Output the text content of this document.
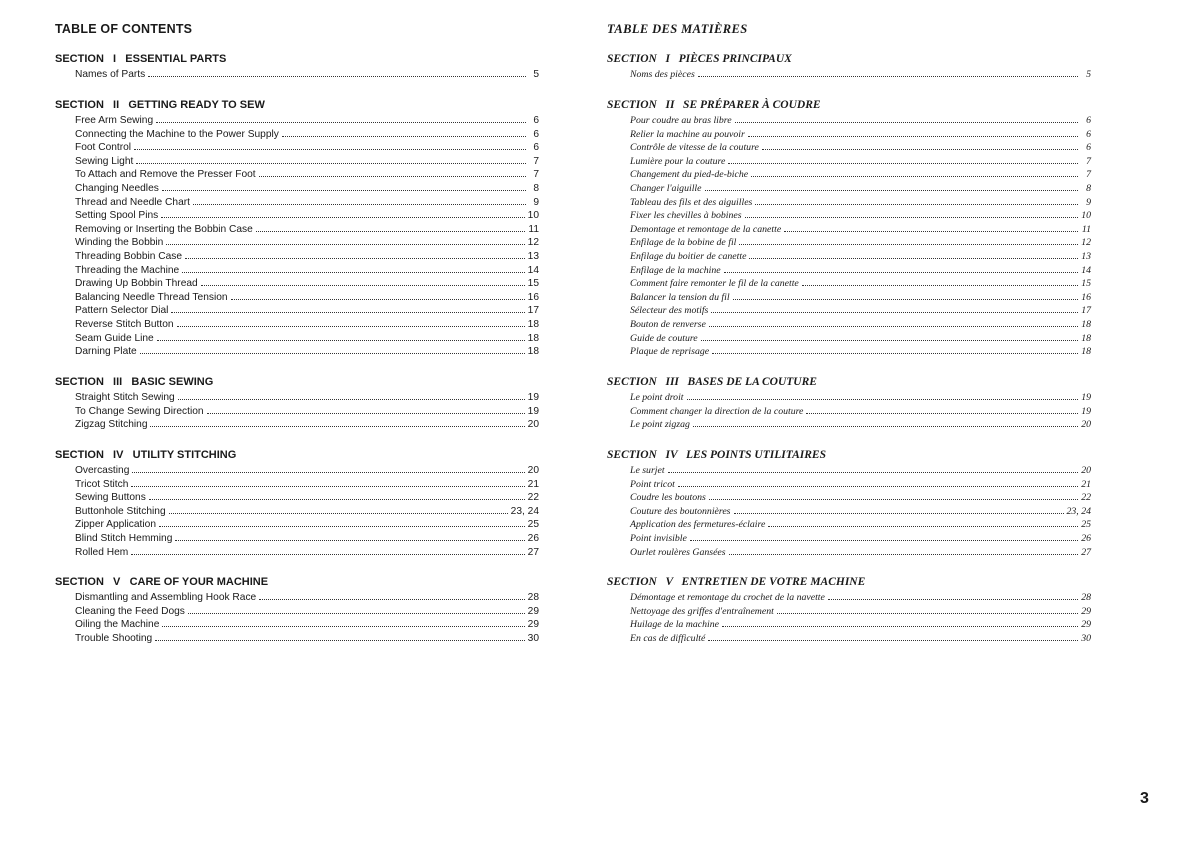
TABLE OF CONTENTS
SECTION   I   ESSENTIAL PARTS
Names of Parts	5
SECTION   II   GETTING READY TO SEW
Free Arm Sewing	6
Connecting the Machine to the Power Supply	6
Foot Control	6
Sewing Light	7
To Attach and Remove the Presser Foot	7
Changing Needles	8
Thread and Needle Chart	9
Setting Spool Pins	10
Removing or Inserting the Bobbin Case	11
Winding the Bobbin	12
Threading Bobbin Case	13
Threading the Machine	14
Drawing Up Bobbin Thread	15
Balancing Needle Thread Tension	16
Pattern Selector Dial	17
Reverse Stitch Button	18
Seam Guide Line	18
Darning Plate	18
SECTION   III   BASIC SEWING
Straight Stitch Sewing	19
To Change Sewing Direction	19
Zigzag Stitching	20
SECTION   IV   UTILITY STITCHING
Overcasting	20
Tricot Stitch	21
Sewing Buttons	22
Buttonhole Stitching	23, 24
Zipper Application	25
Blind Stitch Hemming	26
Rolled Hem	27
SECTION   V   CARE OF YOUR MACHINE
Dismantling and Assembling Hook Race	28
Cleaning the Feed Dogs	29
Oiling the Machine	29
Trouble Shooting	30
TABLE DES MATIÈRES
SECTION   I   PIÈCES PRINCIPAUX
Noms des pièces	5
SECTION   II   SE PRÉPARER À COUDRE
Pour coudre au bras libre	6
Relier la machine au pouvoir	6
Contrôle de vitesse de la couture	6
Lumière pour la couture	7
Changement du pied-de-biche	7
Changer l'aiguille	8
Tableau des fils et des aiguilles	9
Fixer les chevilles à bobines	10
Demontage et remontage de la canette	11
Enfilage de la bobine de fil	12
Enfilage du boitier de canette	13
Enfilage de la machine	14
Comment faire remonter le fil de la canette	15
Balancer la tension du fil	16
Sélecteur des motifs	17
Bouton de renverse	18
Guide de couture	18
Plaque de reprisage	18
SECTION   III   BASES DE LA COUTURE
Le point droit	19
Comment changer la direction de la couture	19
Le point zigzag	20
SECTION   IV   LES POINTS UTILITAIRES
Le surjet	20
Point tricot	21
Coudre les boutons	22
Couture des boutonnières	23, 24
Application des fermetures-éclaire	25
Point invisible	26
Ourlet roulères Gansées	27
SECTION   V   ENTRETIEN DE VOTRE MACHINE
Démontage et remontage du crochet de la navette	28
Nettoyage des griffes d'entraînement	29
Huilage de la machine	29
En cas de difficulté	30
3
